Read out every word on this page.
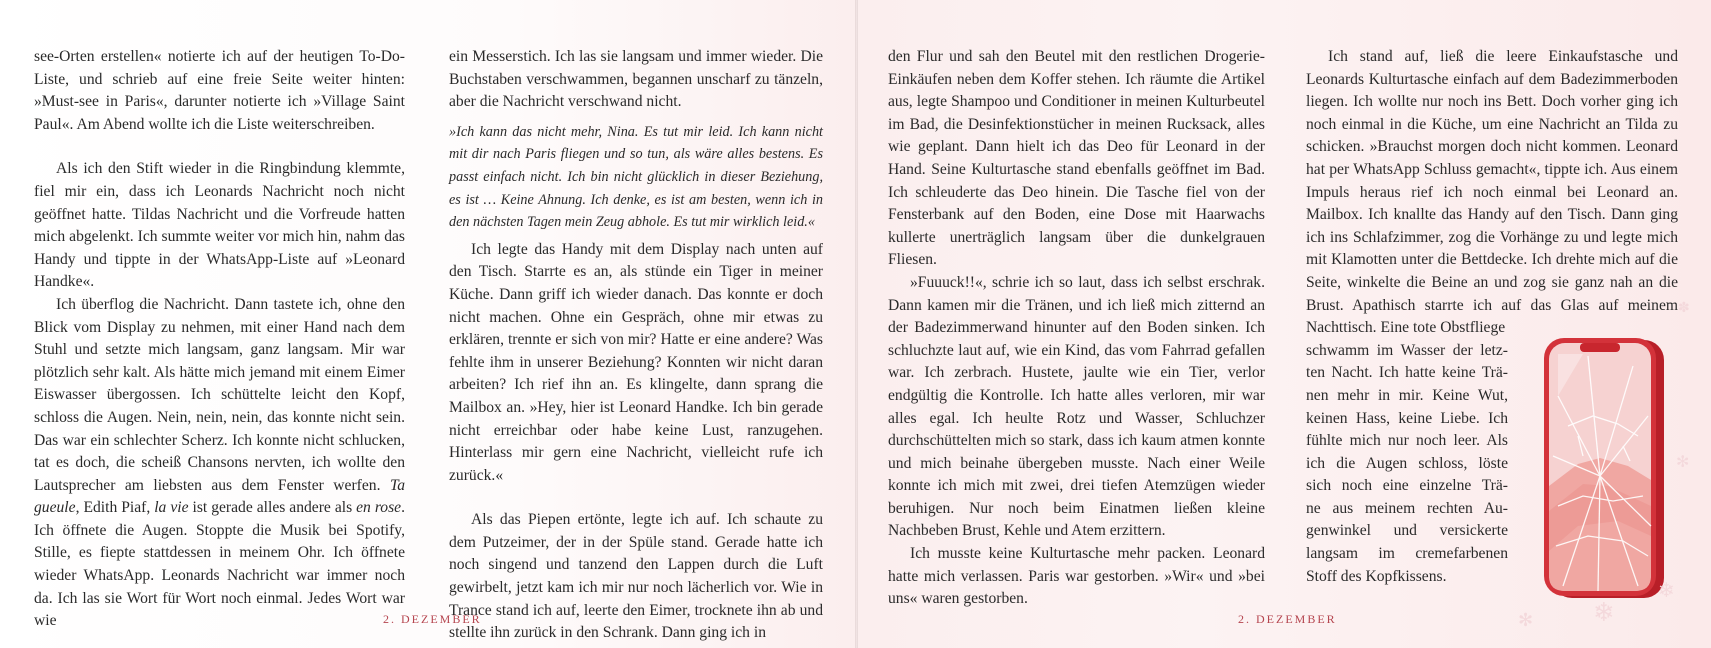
see-Orten erstellen« notierte ich auf der heutigen To-Do-Liste, und schrieb auf eine freie Seite weiter hinten: »Must-see in Paris«, darunter notierte ich »Village Saint Paul«. Am Abend wollte ich die Liste weiterschreiben.

Als ich den Stift wieder in die Ringbindung klemmte, fiel mir ein, dass ich Leonards Nachricht noch nicht geöffnet hatte. Tildas Nachricht und die Vorfreude hatten mich abgelenkt. Ich summte weiter vor mich hin, nahm das Handy und tippte in der WhatsApp-Liste auf »Leonard Handke«.

Ich überflog die Nachricht. Dann tastete ich, ohne den Blick vom Display zu nehmen, mit einer Hand nach dem Stuhl und setzte mich langsam, ganz langsam. Mir war plötzlich sehr kalt. Als hätte mich jemand mit einem Eimer Eiswasser übergossen. Ich schüttelte leicht den Kopf, schloss die Augen. Nein, nein, nein, das konnte nicht sein. Das war ein schlechter Scherz. Ich konnte nicht schlucken, tat es doch, die scheiß Chansons nervten, ich wollte den Lautsprecher am liebsten aus dem Fenster werfen. Ta gueule, Edith Piaf, la vie ist gerade alles andere als en rose. Ich öffnete die Augen. Stoppte die Musik bei Spotify, Stille, es fiepte stattdessen in meinem Ohr. Ich öffnete wieder WhatsApp. Leonards Nachricht war immer noch da. Ich las sie Wort für Wort noch einmal. Jedes Wort war wie

ein Messerstich. Ich las sie langsam und immer wieder. Die Buchstaben verschwammen, begannen unscharf zu tänzeln, aber die Nachricht verschwand nicht.

»Ich kann das nicht mehr, Nina. Es tut mir leid. Ich kann nicht mit dir nach Paris fliegen und so tun, als wäre alles bestens. Es passt einfach nicht. Ich bin nicht glücklich in dieser Beziehung, es ist … Keine Ahnung. Ich denke, es ist am besten, wenn ich in den nächsten Tagen mein Zeug abhole. Es tut mir wirklich leid.«

Ich legte das Handy mit dem Display nach unten auf den Tisch. Starrte es an, als stünde ein Tiger in meiner Küche. Dann griff ich wieder danach. Das konnte er doch nicht machen. Ohne ein Gespräch, ohne mir etwas zu erklären, trennte er sich von mir? Hatte er eine andere? Was fehlte ihm in unserer Beziehung? Konnten wir nicht daran arbeiten? Ich rief ihn an. Es klingelte, dann sprang die Mailbox an. »Hey, hier ist Leonard Handke. Ich bin gerade nicht erreichbar oder habe keine Lust, ranzugehen. Hinterlass mir gern eine Nachricht, vielleicht rufe ich zurück.«

Als das Piepen ertönte, legte ich auf. Ich schaute zu dem Putzeimer, der in der Spüle stand. Gerade hatte ich noch singend und tanzend den Lappen durch die Luft gewirbelt, jetzt kam ich mir nur noch lächerlich vor. Wie in Trance stand ich auf, leerte den Eimer, trocknete ihn ab und stellte ihn zurück in den Schrank. Dann ging ich in

2. DEZEMBER

den Flur und sah den Beutel mit den restlichen Drogerie-Einkäufen neben dem Koffer stehen. Ich räumte die Artikel aus, legte Shampoo und Conditioner in meinen Kulturbeutel im Bad, die Desinfektionstücher in meinen Rucksack, alles wie geplant. Dann hielt ich das Deo für Leonard in der Hand. Seine Kulturtasche stand ebenfalls geöffnet im Bad. Ich schleuderte das Deo hinein. Die Tasche fiel von der Fensterbank auf den Boden, eine Dose mit Haarwachs kullerte unerträglich langsam über die dunkelgrauen Fliesen.

»Fuuuck!!«, schrie ich so laut, dass ich selbst erschrak. Dann kamen mir die Tränen, und ich ließ mich zitternd an der Badezimmerwand hinunter auf den Boden sinken. Ich schluchzte laut auf, wie ein Kind, das vom Fahrrad gefallen war. Ich zerbrach. Hustete, jaulte wie ein Tier, verlor endgültig die Kontrolle. Ich hatte alles verloren, mir war alles egal. Ich heulte Rotz und Wasser, Schluchzer durchschüttelten mich so stark, dass ich kaum atmen konnte und mich beinahe übergeben musste. Nach einer Weile konnte ich mich mit zwei, drei tiefen Atemzügen wieder beruhigen. Nur noch beim Einatmen ließen kleine Nachbeben Brust, Kehle und Atem erzittern.

Ich musste keine Kulturtasche mehr packen. Leonard hatte mich verlassen. Paris war gestorben. »Wir« und »bei uns« waren gestorben.

Ich stand auf, ließ die leere Einkaufstasche und Leonards Kulturtasche einfach auf dem Badezimmerboden liegen. Ich wollte nur noch ins Bett. Doch vorher ging ich noch einmal in die Küche, um eine Nachricht an Tilda zu schicken. »Brauchst morgen doch nicht kommen. Leonard hat per WhatsApp Schluss gemacht«, tippte ich. Aus einem Impuls heraus rief ich noch einmal bei Leonard an. Mailbox. Ich knallte das Handy auf den Tisch. Dann ging ich ins Schlafzimmer, zog die Vorhänge zu und legte mich mit Klamotten unter die Bettdecke. Ich drehte mich auf die Seite, winkelte die Beine an und zog sie ganz nah an die Brust. Apathisch starrte ich auf das Glas auf meinem Nachttisch. Eine tote Obstfliege

schwamm im Wasser der letz-
ten Nacht. Ich hatte keine Trä-
nen mehr in mir. Keine Wut,
keinen Hass, keine Liebe. Ich
fühlte mich nur noch leer. Als
ich die Augen schloss, löste
sich noch eine einzelne Trä-
ne aus meinem rechten Au-
genwinkel und versickerte
langsam im cremefarbenen
Stoff des Kopfkissens.
❄
❄
✻
✻
✽
2. DEZEMBER
